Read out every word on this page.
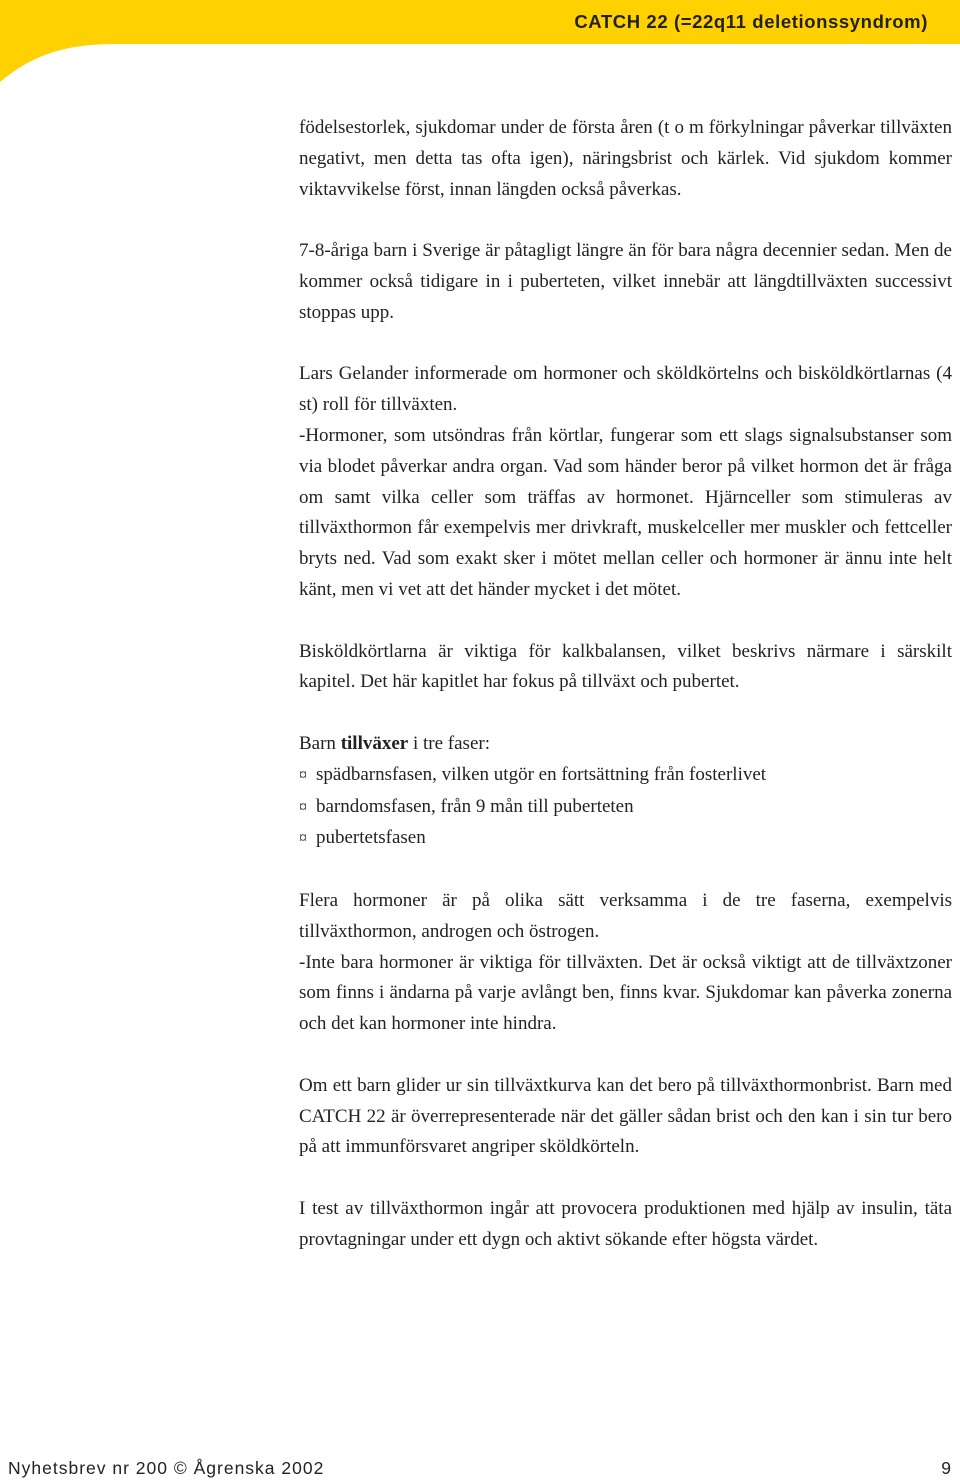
CATCH 22 (=22q11 deletionssyndrom)

födelsestorlek, sjukdomar under de första åren (t o m förkylningar påverkar tillväxten negativt, men detta tas ofta igen), näringsbrist och kärlek. Vid sjukdom kommer viktavvikelse först, innan längden också påverkas.

7-8-åriga barn i Sverige är påtagligt längre än för bara några decennier sedan. Men de kommer också tidigare in i puberteten, vilket innebär att längdtillväxten successivt stoppas upp.

Lars Gelander informerade om hormoner och sköldkörtelns och bisköldkörtlarnas (4 st) roll för tillväxten.

-Hormoner, som utsöndras från körtlar, fungerar som ett slags signalsubstanser som via blodet påverkar andra organ. Vad som händer beror på vilket hormon det är fråga om samt vilka celler som träffas av hormonet. Hjärnceller som stimuleras av tillväxthormon får exempelvis mer drivkraft, muskelceller mer muskler och fettceller bryts ned. Vad som exakt sker i mötet mellan celler och hormoner är ännu inte helt känt, men vi vet att det händer mycket i det mötet.

Bisköldkörtlarna är viktiga för kalkbalansen, vilket beskrivs närmare i särskilt kapitel. Det här kapitlet har fokus på tillväxt och pubertet.

Barn tillväxer i tre faser:

¤ spädbarnsfasen, vilken utgör en fortsättning från fosterlivet
¤ barndomsfasen, från 9 mån till puberteten
¤ pubertetsfasen

Flera hormoner är på olika sätt verksamma i de tre faserna, exempelvis tillväxthormon, androgen och östrogen.

-Inte bara hormoner är viktiga för tillväxten. Det är också viktigt att de tillväxtzoner som finns i ändarna på varje avlångt ben, finns kvar. Sjukdomar kan påverka zonerna och det kan hormoner inte hindra.

Om ett barn glider ur sin tillväxtkurva kan det bero på tillväxthormonbrist. Barn med CATCH 22 är överrepresenterade när det gäller sådan brist och den kan i sin tur bero på att immunförsvaret angriper sköldkörteln.

I test av tillväxthormon ingår att provocera produktionen med hjälp av insulin, täta provtagningar under ett dygn och aktivt sökande efter högsta värdet.

Nyhetsbrev nr 200 © Ågrenska 2002	9
